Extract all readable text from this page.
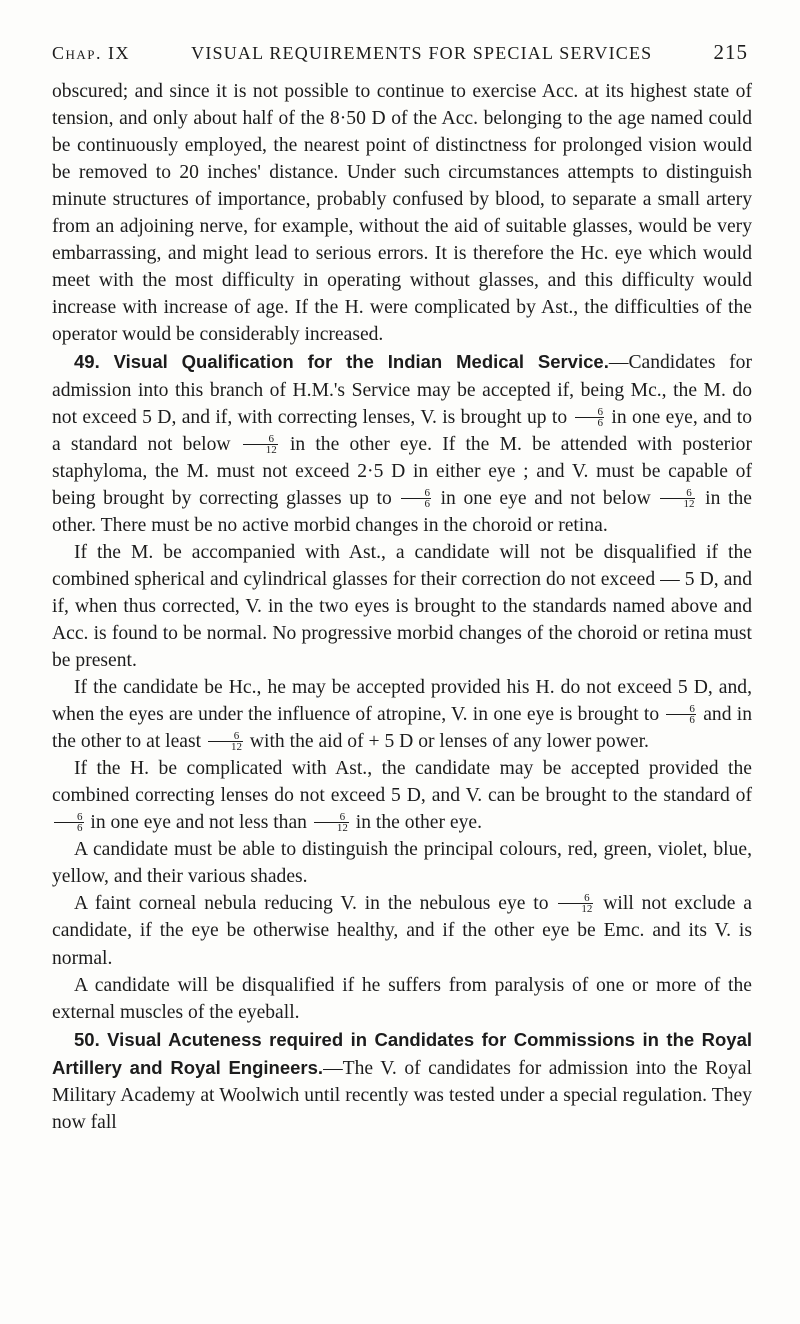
Chap. IX	VISUAL REQUIREMENTS FOR SPECIAL SERVICES	215

obscured; and since it is not possible to continue to exercise Acc. at its highest state of tension, and only about half of the 8·50 D of the Acc. belonging to the age named could be continuously employed, the nearest point of distinctness for prolonged vision would be removed to 20 inches' distance. Under such circumstances attempts to distinguish minute structures of importance, probably confused by blood, to separate a small artery from an adjoining nerve, for example, without the aid of suitable glasses, would be very embarrassing, and might lead to serious errors. It is therefore the Hc. eye which would meet with the most difficulty in operating without glasses, and this difficulty would increase with increase of age. If the H. were complicated by Ast., the difficulties of the operator would be considerably increased.

49. Visual Qualification for the Indian Medical Service.—Candidates for admission into this branch of H.M.'s Service may be accepted if, being Mc., the M. do not exceed 5 D, and if, with correcting lenses, V. is brought up to $\frac{6}{6}$ in one eye, and to a standard not below $\frac{6}{12}$ in the other eye. If the M. be attended with posterior staphyloma, the M. must not exceed 2·5 D in either eye ; and V. must be capable of being brought by correcting glasses up to $\frac{6}{6}$ in one eye and not below $\frac{6}{12}$ in the other. There must be no active morbid changes in the choroid or retina.

If the M. be accompanied with Ast., a candidate will not be disqualified if the combined spherical and cylindrical glasses for their correction do not exceed — 5 D, and if, when thus corrected, V. in the two eyes is brought to the standards named above and Acc. is found to be normal. No progressive morbid changes of the choroid or retina must be present.

If the candidate be Hc., he may be accepted provided his H. do not exceed 5 D, and, when the eyes are under the influence of atropine, V. in one eye is brought to $\frac{6}{6}$ and in the other to at least $\frac{6}{12}$ with the aid of + 5 D or lenses of any lower power.

If the H. be complicated with Ast., the candidate may be accepted provided the combined correcting lenses do not exceed 5 D, and V. can be brought to the standard of
$\frac{6}{6}$ in one eye and not less than $\frac{6}{12}$ in the other eye.

A candidate must be able to distinguish the principal colours, red, green, violet, blue, yellow, and their various shades.

A faint corneal nebula reducing V. in the nebulous eye to $\frac{6}{12}$ will not exclude a candidate, if the eye be otherwise healthy, and if the other eye be Emc. and its V. is normal.

A candidate will be disqualified if he suffers from paralysis of one or more of the external muscles of the eyeball.

50. Visual Acuteness required in Candidates for Commissions in the Royal Artillery and Royal Engineers.—The V. of candidates for admission into the Royal Military Academy at Woolwich until recently was tested under a special regulation. They now fall
